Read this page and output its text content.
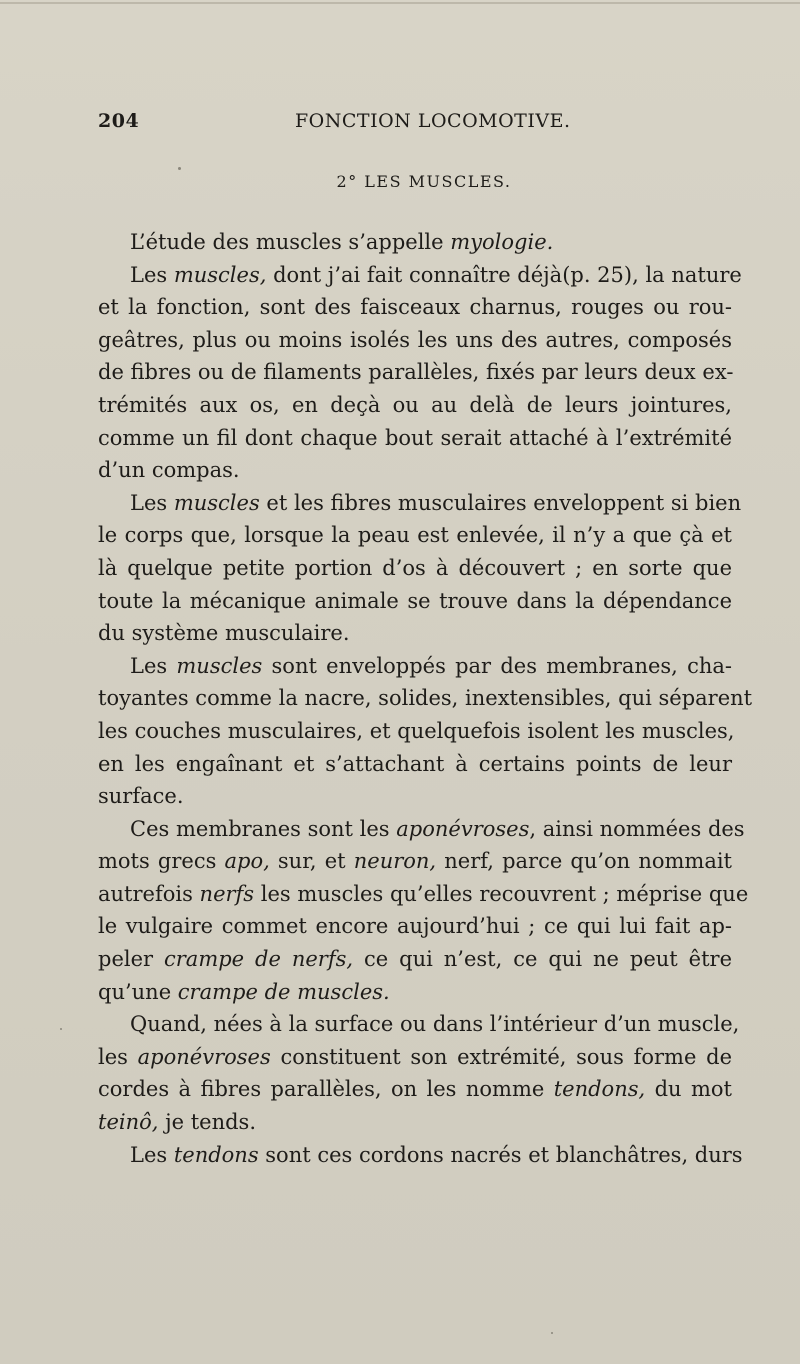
204	FONCTION LOCOMOTIVE.
2° LES MUSCLES.
L’étude des muscles s’appelle myologie.
Les muscles, dont j’ai fait connaître déjà(p. 25), la nature
et la fonction, sont des faisceaux charnus, rouges ou rou-
geâtres, plus ou moins isolés les uns des autres, composés
de fibres ou de filaments parallèles, fixés par leurs deux ex-
trémités aux os, en deçà ou au delà de leurs jointures,
comme un fil dont chaque bout serait attaché à l’extrémité
d’un compas.
Les muscles et les fibres musculaires enveloppent si bien
le corps que, lorsque la peau est enlevée, il n’y a que çà et
là quelque petite portion d’os à découvert ; en sorte que
toute la mécanique animale se trouve dans la dépendance
du système musculaire.
Les muscles sont enveloppés par des membranes, cha-
toyantes comme la nacre, solides, inextensibles, qui séparent
les couches musculaires, et quelquefois isolent les muscles,
en les engaînant et s’attachant à certains points de leur
surface.
Ces membranes sont les aponévroses, ainsi nommées des
mots grecs apo, sur, et neuron, nerf, parce qu’on nommait
autrefois nerfs les muscles qu’elles recouvrent ; méprise que
le vulgaire commet encore aujourd’hui ; ce qui lui fait ap-
peler crampe de nerfs, ce qui n’est, ce qui ne peut être
qu’une crampe de muscles.
Quand, nées à la surface ou dans l’intérieur d’un muscle,
les aponévroses constituent son extrémité, sous forme de
cordes à fibres parallèles, on les nomme tendons, du mot
teinô, je tends.
Les tendons sont ces cordons nacrés et blanchâtres, durs
